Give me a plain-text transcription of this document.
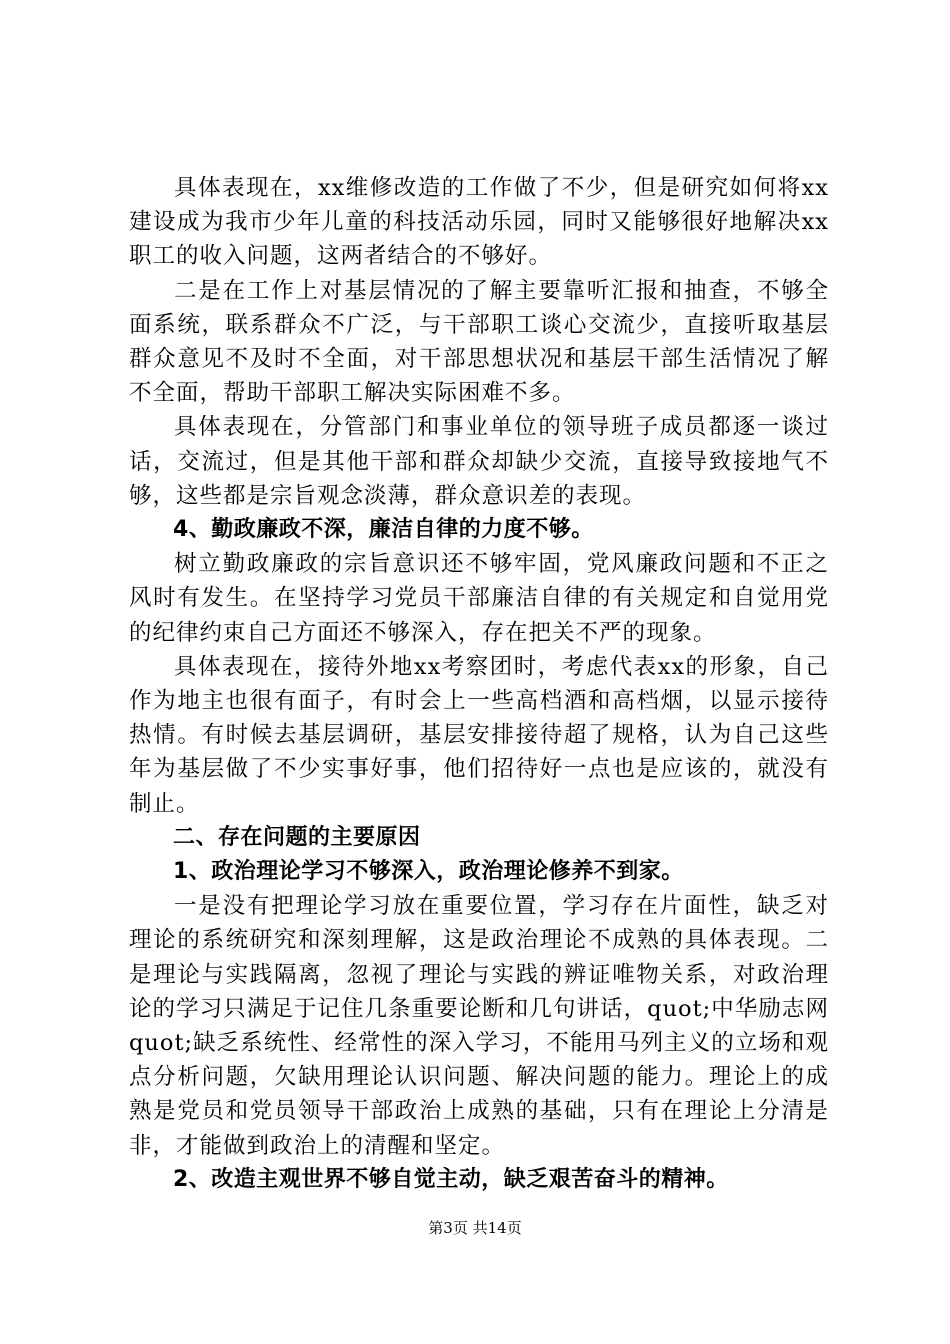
具体表现在，xx维修改造的工作做了不少，但是研究如何将xx建设成为我市少年儿童的科技活动乐园，同时又能够很好地解决xx职工的收入问题，这两者结合的不够好。

二是在工作上对基层情况的了解主要靠听汇报和抽查，不够全面系统，联系群众不广泛，与干部职工谈心交流少，直接听取基层群众意见不及时不全面，对干部思想状况和基层干部生活情况了解不全面，帮助干部职工解决实际困难不多。

具体表现在，分管部门和事业单位的领导班子成员都逐一谈过话，交流过，但是其他干部和群众却缺少交流，直接导致接地气不够，这些都是宗旨观念淡薄，群众意识差的表现。

4、勤政廉政不深，廉洁自律的力度不够。

树立勤政廉政的宗旨意识还不够牢固，党风廉政问题和不正之风时有发生。在坚持学习党员干部廉洁自律的有关规定和自觉用党的纪律约束自己方面还不够深入，存在把关不严的现象。

具体表现在，接待外地xx考察团时，考虑代表xx的形象，自己作为地主也很有面子，有时会上一些高档酒和高档烟，以显示接待热情。有时候去基层调研，基层安排接待超了规格，认为自己这些年为基层做了不少实事好事，他们招待好一点也是应该的，就没有制止。

二、存在问题的主要原因

1、政治理论学习不够深入，政治理论修养不到家。

一是没有把理论学习放在重要位置，学习存在片面性，缺乏对理论的系统研究和深刻理解，这是政治理论不成熟的具体表现。二是理论与实践隔离，忽视了理论与实践的辨证唯物关系，对政治理论的学习只满足于记住几条重要论断和几句讲话，quot;中华励志网quot;缺乏系统性、经常性的深入学习，不能用马列主义的立场和观点分析问题，欠缺用理论认识问题、解决问题的能力。理论上的成熟是党员和党员领导干部政治上成熟的基础，只有在理论上分清是非，才能做到政治上的清醒和坚定。

2、改造主观世界不够自觉主动，缺乏艰苦奋斗的精神。

第3页 共14页
